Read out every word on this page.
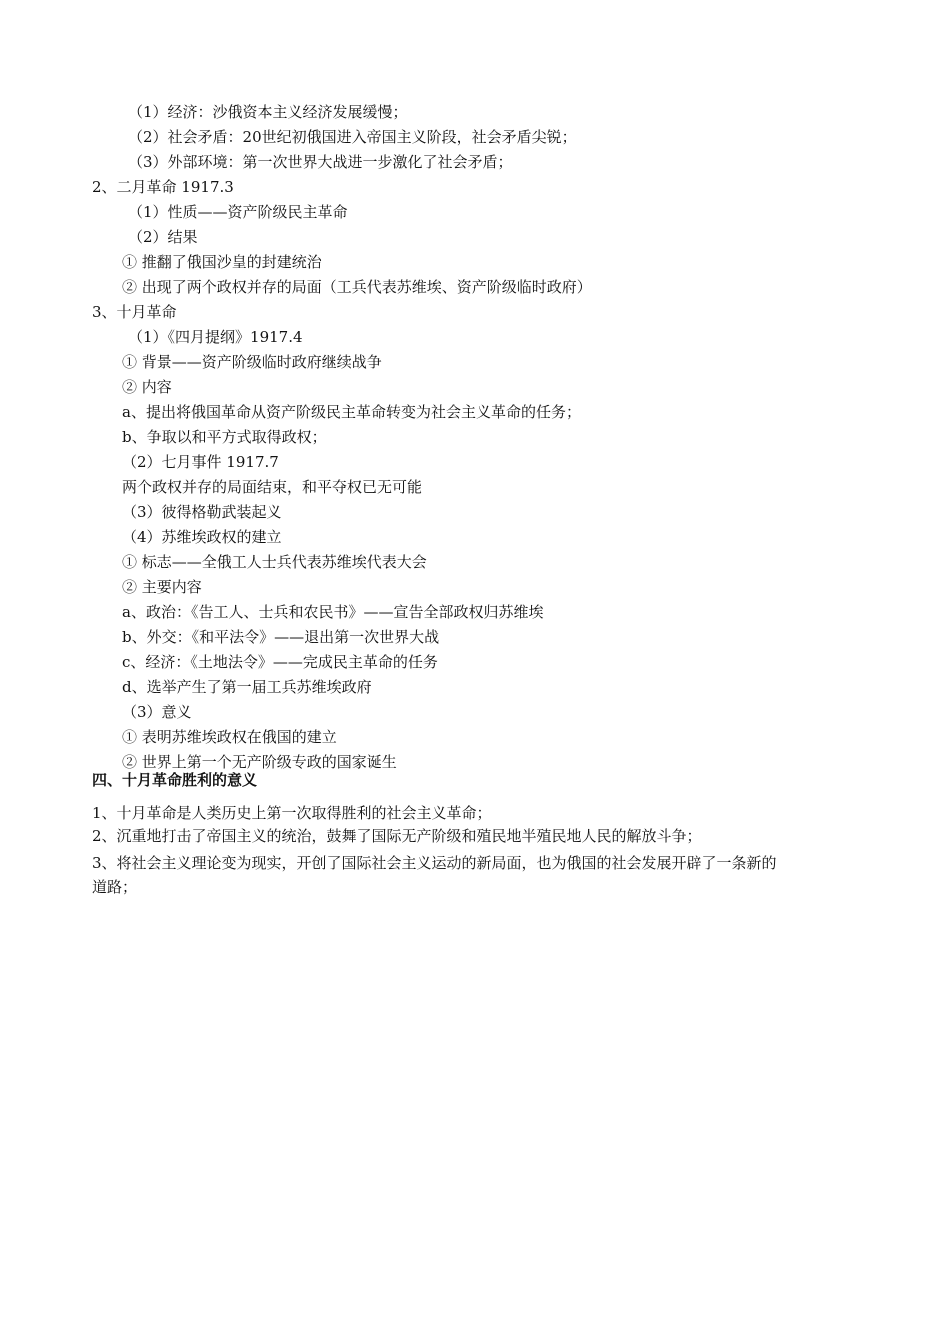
（1）经济：沙俄资本主义经济发展缓慢；
（2）社会矛盾：20世纪初俄国进入帝国主义阶段，社会矛盾尖锐；
（3）外部环境：第一次世界大战进一步激化了社会矛盾；
2、二月革命 1917.3
（1）性质——资产阶级民主革命
（2）结果
① 推翻了俄国沙皇的封建统治
② 出现了两个政权并存的局面（工兵代表苏维埃、资产阶级临时政府）
3、十月革命
（1）《四月提纲》1917.4
① 背景——资产阶级临时政府继续战争
② 内容
a、提出将俄国革命从资产阶级民主革命转变为社会主义革命的任务；
b、争取以和平方式取得政权；
（2）七月事件 1917.7
两个政权并存的局面结束，和平夺权已无可能
（3）彼得格勒武装起义
（4）苏维埃政权的建立
① 标志——全俄工人士兵代表苏维埃代表大会
② 主要内容
a、政治：《告工人、士兵和农民书》——宣告全部政权归苏维埃
b、外交：《和平法令》——退出第一次世界大战
c、经济：《土地法令》——完成民主革命的任务
d、选举产生了第一届工兵苏维埃政府
（3）意义
① 表明苏维埃政权在俄国的建立
② 世界上第一个无产阶级专政的国家诞生
四、十月革命胜利的意义
1、十月革命是人类历史上第一次取得胜利的社会主义革命；
2、沉重地打击了帝国主义的统治，鼓舞了国际无产阶级和殖民地半殖民地人民的解放斗争；
3、将社会主义理论变为现实，开创了国际社会主义运动的新局面，也为俄国的社会发展开辟了一条新的
道路；
